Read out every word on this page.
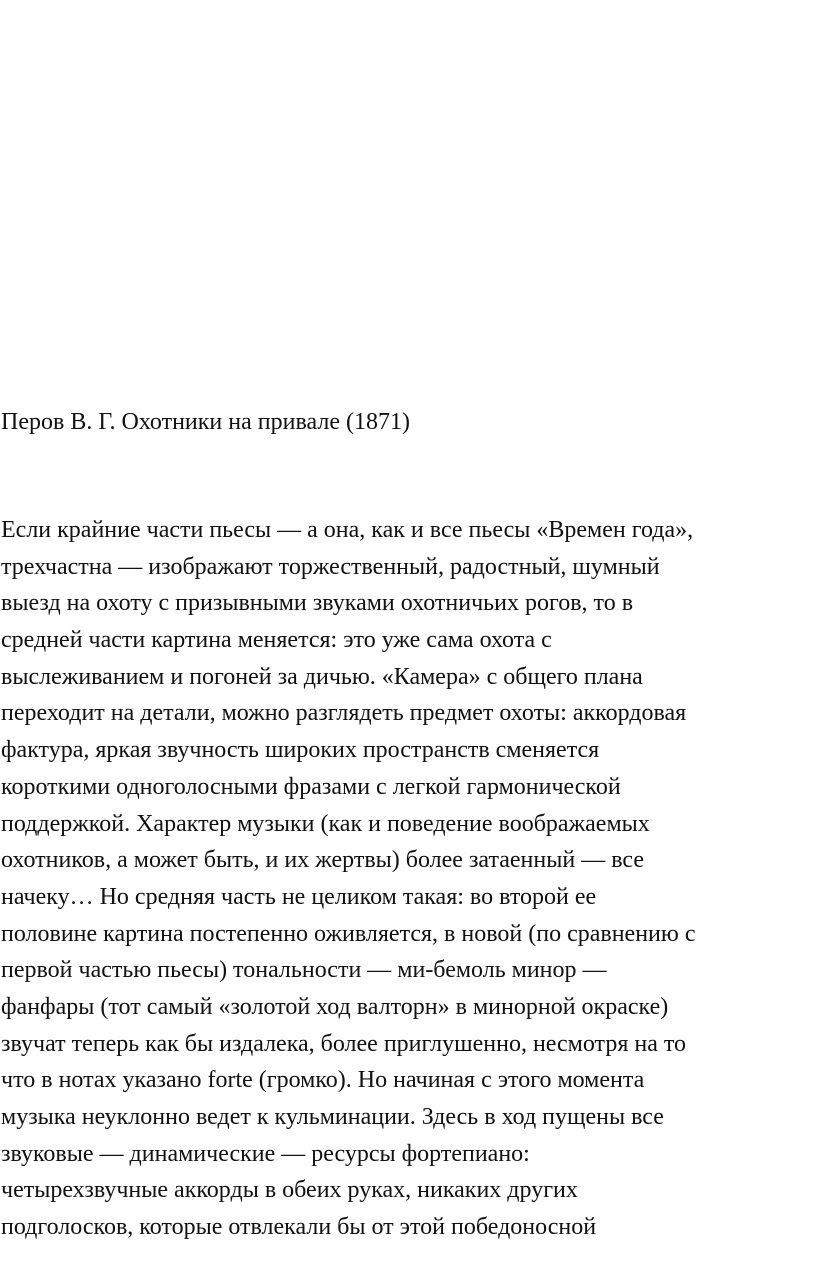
Перов В. Г. Охотники на привале (1871)
Если крайние части пьесы — а она, как и все пьесы «Времен года»,
трехчастна — изображают торжественный, радостный, шумный
выезд на охоту с призывными звуками охотничьих рогов, то в
средней части картина меняется: это уже сама охота с
выслеживанием и погоней за дичью. «Камера» с общего плана
переходит на детали, можно разглядеть предмет охоты: аккордовая
фактура, яркая звучность широких пространств сменяется
короткими одноголосными фразами с легкой гармонической
поддержкой. Характер музыки (как и поведение воображаемых
охотников, а может быть, и их жертвы) более затаенный — все
начеку… Но средняя часть не целиком такая: во второй ее
половине картина постепенно оживляется, в новой (по сравнению с
первой частью пьесы) тональности — ми-бемоль минор —
фанфары (тот самый «золотой ход валторн» в минорной окраске)
звучат теперь как бы издалека, более приглушенно, несмотря на то
что в нотах указано forte (громко). Но начиная с этого момента
музыка неуклонно ведет к кульминации. Здесь в ход пущены все
звуковые — динамические — ресурсы фортепиано:
четырехзвучные аккорды в обеих руках, никаких других
подголосков, которые отвлекали бы от этой победоносной
